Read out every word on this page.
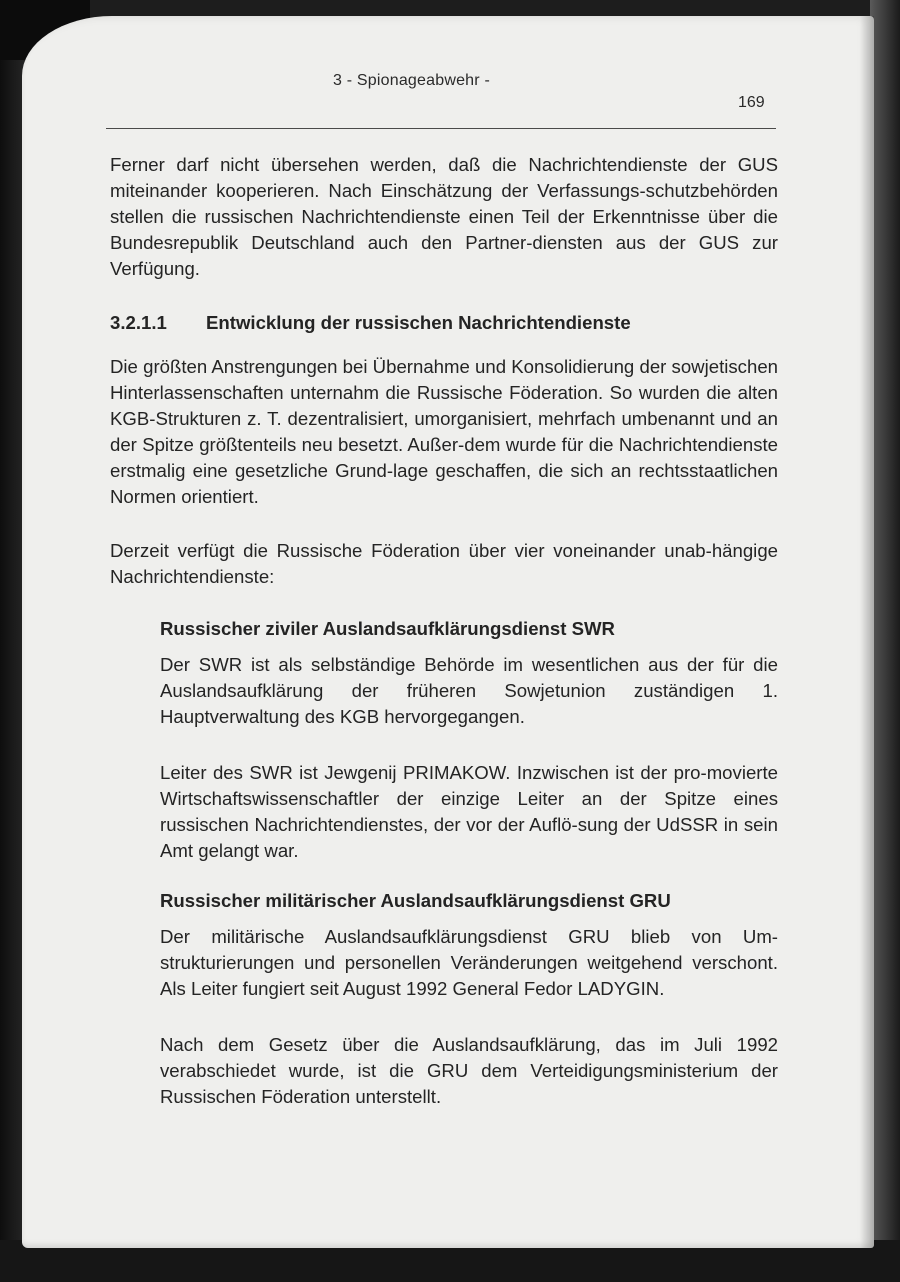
3 - Spionageabwehr -
169

Ferner darf nicht übersehen werden, daß die Nachrichtendienste der GUS miteinander kooperieren. Nach Einschätzung der Verfassungs-schutzbehörden stellen die russischen Nachrichtendienste einen Teil der Erkenntnisse über die Bundesrepublik Deutschland auch den Partner-diensten aus der GUS zur Verfügung.

3.2.1.1 Entwicklung der russischen Nachrichtendienste

Die größten Anstrengungen bei Übernahme und Konsolidierung der sowjetischen Hinterlassenschaften unternahm die Russische Föderation. So wurden die alten KGB-Strukturen z. T. dezentralisiert, umorganisiert, mehrfach umbenannt und an der Spitze größtenteils neu besetzt. Außer-dem wurde für die Nachrichtendienste erstmalig eine gesetzliche Grund-lage geschaffen, die sich an rechtsstaatlichen Normen orientiert.

Derzeit verfügt die Russische Föderation über vier voneinander unab-hängige Nachrichtendienste:

Russischer ziviler Auslandsaufklärungsdienst SWR

Der SWR ist als selbständige Behörde im wesentlichen aus der für die Auslandsaufklärung der früheren Sowjetunion zuständigen 1. Hauptverwaltung des KGB hervorgegangen.

Leiter des SWR ist Jewgenij PRIMAKOW. Inzwischen ist der pro-movierte Wirtschaftswissenschaftler der einzige Leiter an der Spitze eines russischen Nachrichtendienstes, der vor der Auflö-sung der UdSSR in sein Amt gelangt war.

Russischer militärischer Auslandsaufklärungsdienst GRU

Der militärische Auslandsaufklärungsdienst GRU blieb von Um-strukturierungen und personellen Veränderungen weitgehend verschont. Als Leiter fungiert seit August 1992 General Fedor LADYGIN.

Nach dem Gesetz über die Auslandsaufklärung, das im Juli 1992 verabschiedet wurde, ist die GRU dem Verteidigungsministerium der Russischen Föderation unterstellt.
